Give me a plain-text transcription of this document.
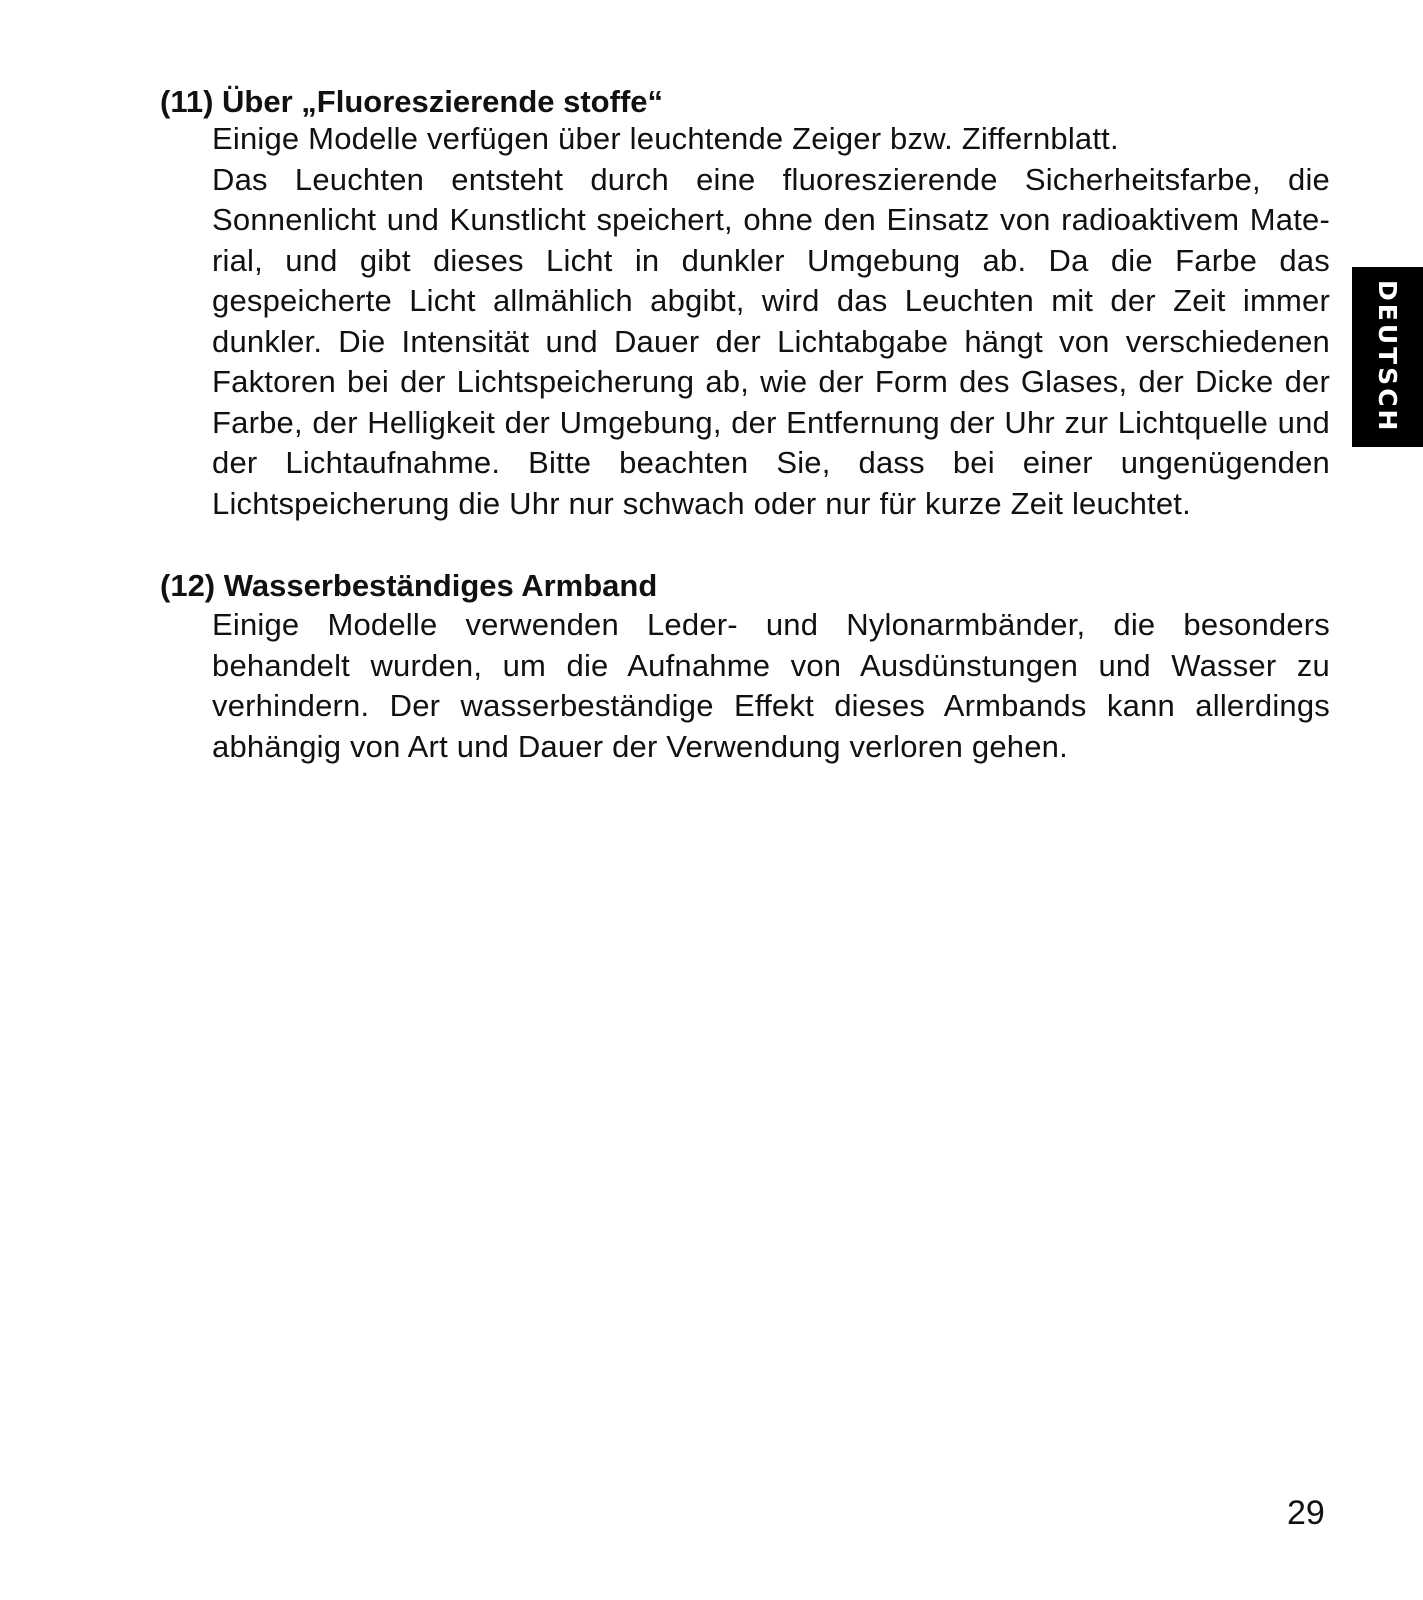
(11) Über „Fluoreszierende stoffe“

Einige Modelle verfügen über leuchtende Zeiger bzw. Ziffernblatt.

Das Leuchten entsteht durch eine fluoreszierende Sicherheitsfarbe, die Sonnenlicht und Kunstlicht speichert, ohne den Einsatz von radioaktivem Mate-rial, und gibt dieses Licht in dunkler Umgebung ab. Da die Farbe das gespeicherte Licht allmählich abgibt, wird das Leuchten mit der Zeit immer dunkler. Die Intensität und Dauer der Lichtabgabe hängt von verschiedenen Faktoren bei der Lichtspeicherung ab, wie der Form des Glases, der Dicke der Farbe, der Helligkeit der Umgebung, der Entfernung der Uhr zur Lichtquelle und der Lichtaufnahme. Bitte beachten Sie, dass bei einer ungenügenden Lichtspeicherung die Uhr nur schwach oder nur für kurze Zeit leuchtet.

(12) Wasserbeständiges Armband

Einige Modelle verwenden Leder- und Nylonarmbänder, die besonders behandelt wurden, um die Aufnahme von Ausdünstungen und Wasser zu verhindern. Der wasserbeständige Effekt dieses Armbands kann allerdings abhängig von Art und Dauer der Verwendung verloren gehen.

DEUTSCH
29
